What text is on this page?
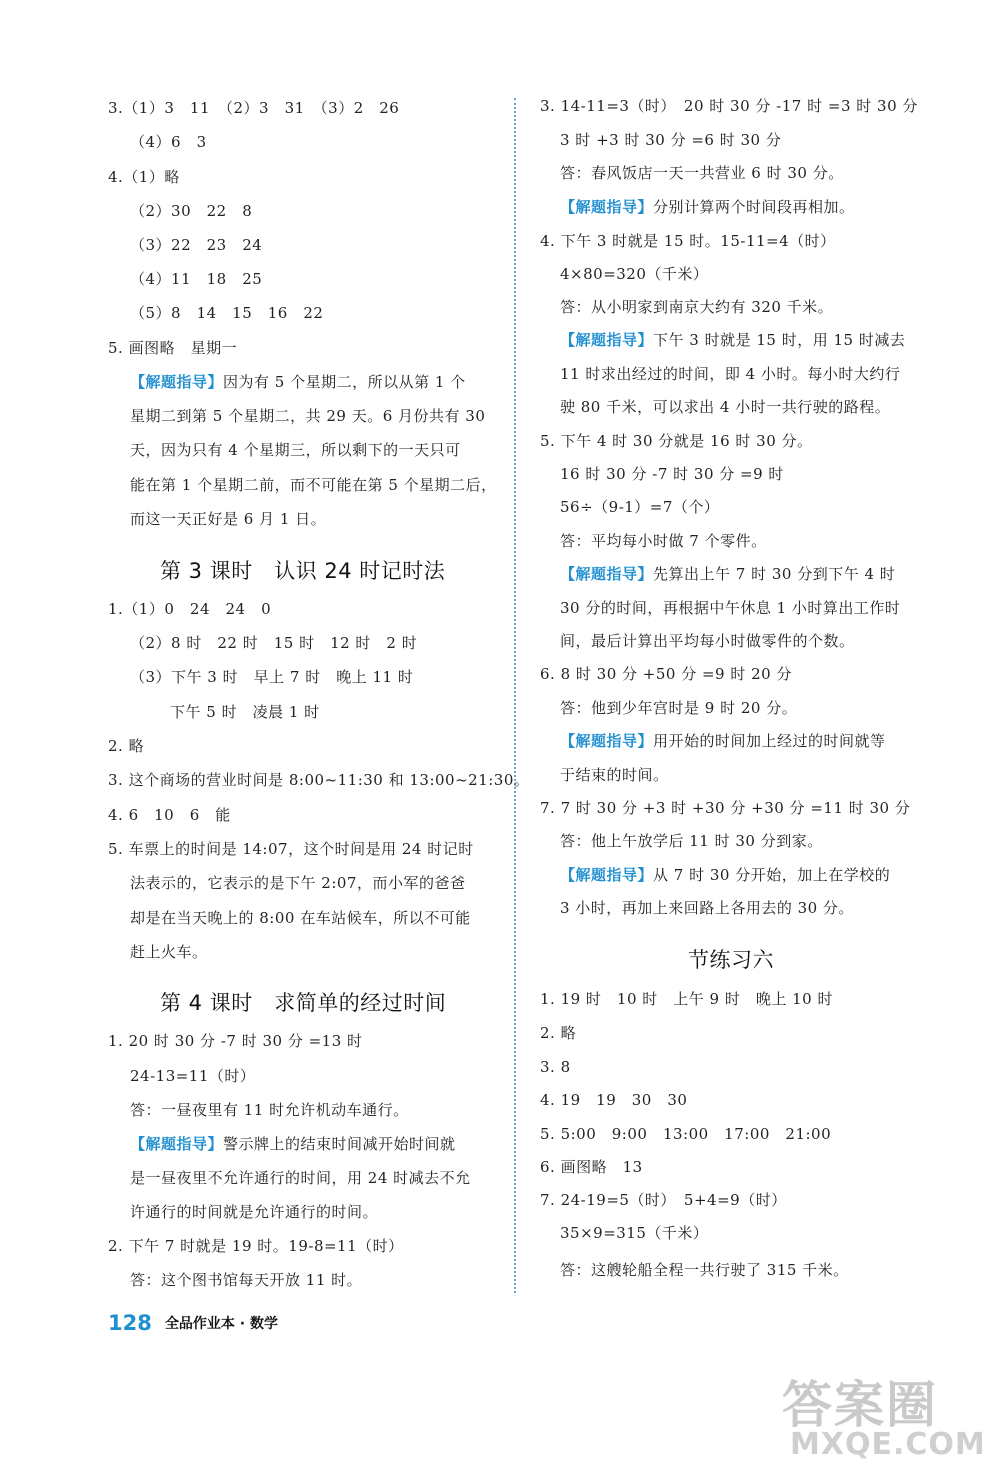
3.（1）3　11　（2）3　31　（3）2　26
（4）6　3
4.（1）略
（2）30　22　8
（3）22　23　24
（4）11　18　25
（5）8　14　15　16　22
5. 画图略　星期一
【解题指导】因为有 5 个星期二，所以从第 1 个
星期二到第 5 个星期二，共 29 天。6 月份共有 30
天，因为只有 4 个星期三，所以剩下的一天只可
能在第 1 个星期二前，而不可能在第 5 个星期二后，
而这一天正好是 6 月 1 日。
1.（1）0　24　24　0
（2）8 时　22 时　15 时　12 时　2 时
（3）下午 3 时　早上 7 时　晚上 11 时
下午 5 时　凌晨 1 时
2. 略
3. 这个商场的营业时间是 8:00~11:30 和 13:00~21:30。
4. 6　10　6　能
5. 车票上的时间是 14:07，这个时间是用 24 时记时
法表示的，它表示的是下午 2:07，而小军的爸爸
却是在当天晚上的 8:00 在车站候车，所以不可能
赶上火车。
1. 20 时 30 分 -7 时 30 分 =13 时
24-13=11（时）
答：一昼夜里有 11 时允许机动车通行。
【解题指导】警示牌上的结束时间减开始时间就
是一昼夜里不允许通行的时间，用 24 时减去不允
许通行的时间就是允许通行的时间。
2. 下午 7 时就是 19 时。19-8=11（时）
答：这个图书馆每天开放 11 时。
3. 14-11=3（时）　20 时 30 分 -17 时 =3 时 30 分
3 时 +3 时 30 分 =6 时 30 分
答：春风饭店一天一共营业 6 时 30 分。
【解题指导】分别计算两个时间段再相加。
4. 下午 3 时就是 15 时。15-11=4（时）
4×80=320（千米）
答：从小明家到南京大约有 320 千米。
【解题指导】下午 3 时就是 15 时，用 15 时减去
11 时求出经过的时间，即 4 小时。每小时大约行
驶 80 千米，可以求出 4 小时一共行驶的路程。
5. 下午 4 时 30 分就是 16 时 30 分。
16 时 30 分 -7 时 30 分 =9 时
56÷（9-1）=7（个）
答：平均每小时做 7 个零件。
【解题指导】先算出上午 7 时 30 分到下午 4 时
30 分的时间，再根据中午休息 1 小时算出工作时
间，最后计算出平均每小时做零件的个数。
6. 8 时 30 分 +50 分 =9 时 20 分
答：他到少年宫时是 9 时 20 分。
【解题指导】用开始的时间加上经过的时间就等
于结束的时间。
7. 7 时 30 分 +3 时 +30 分 +30 分 =11 时 30 分
答：他上午放学后 11 时 30 分到家。
【解题指导】从 7 时 30 分开始，加上在学校的
3 小时，再加上来回路上各用去的 30 分。
1. 19 时　10 时　上午 9 时　晚上 10 时
2. 略
3. 8
4. 19　19　30　30
5. 5:00　9:00　13:00　17:00　21:00
6. 画图略　13
7. 24-19=5（时）　5+4=9（时）
35×9=315（千米）
答：这艘轮船全程一共行驶了 315 千米。
第 3 课时　认识 24 时记时法
第 4 课时　求简单的经过时间
节练习六
128 全品作业本 · 数学
答案圈
MXQE.COM
